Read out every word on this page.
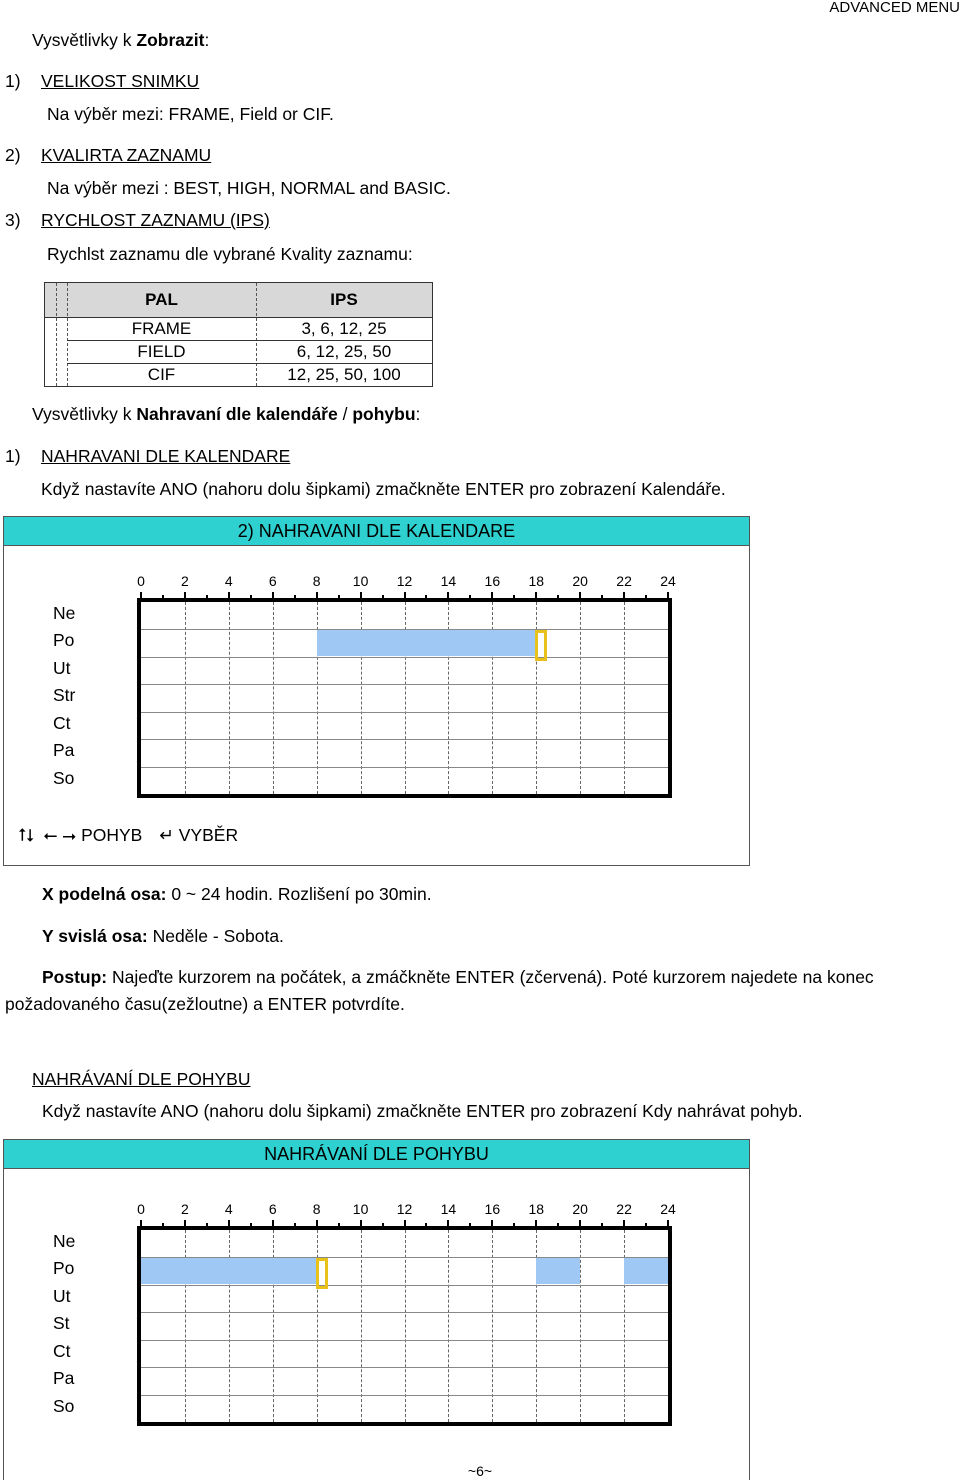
ADVANCED MENU
Vysvětlivky k Zobrazit:
1) VELIKOST SNIMKU
Na výběr mezi: FRAME, Field or CIF.
2) KVALIRTA ZAZNAMU
Na výběr mezi : BEST, HIGH, NORMAL and BASIC.
3) RYCHLOST ZAZNAMU (IPS)
Rychlst zaznamu dle vybrané Kvality zaznamu:
PAL	IPS
FRAME	3, 6, 12, 25
FIELD	6, 12, 25, 50
CIF	12, 25, 50, 100
Vysvětlivky k Nahravaní dle kalendáře / pohybu:
1) NAHRAVANI DLE KALENDARE
Když nastavíte ANO (nahoru dolu šipkami) zmačkněte ENTER pro zobrazení Kalendáře.
2) NAHRAVANI DLE KALENDARE
0	2	4	6	8	10	12	14	16	18	20	22	24
Ne
Po
Ut
Str
Ct
Pa
So
⭡⭣ ⭠ ⭢ POHYB ↵ VYBĚR
X podelná osa: 0 ~ 24 hodin. Rozlišení po 30min.
Y svislá osa: Neděle - Sobota.
Postup: Najeďte kurzorem na počátek, a zmáčkněte ENTER (zčervená). Poté kurzorem najedete na konec
požadovaného času(zežloutne) a ENTER potvrdíte.
NAHRÁVANÍ DLE POHYBU
Když nastavíte ANO (nahoru dolu šipkami) zmačkněte ENTER pro zobrazení Kdy nahrávat pohyb.
NAHRÁVANÍ DLE POHYBU
0	2	4	6	8	10	12	14	16	18	20	22	24
Ne
Po
Ut
St
Ct
Pa
So
~6~
